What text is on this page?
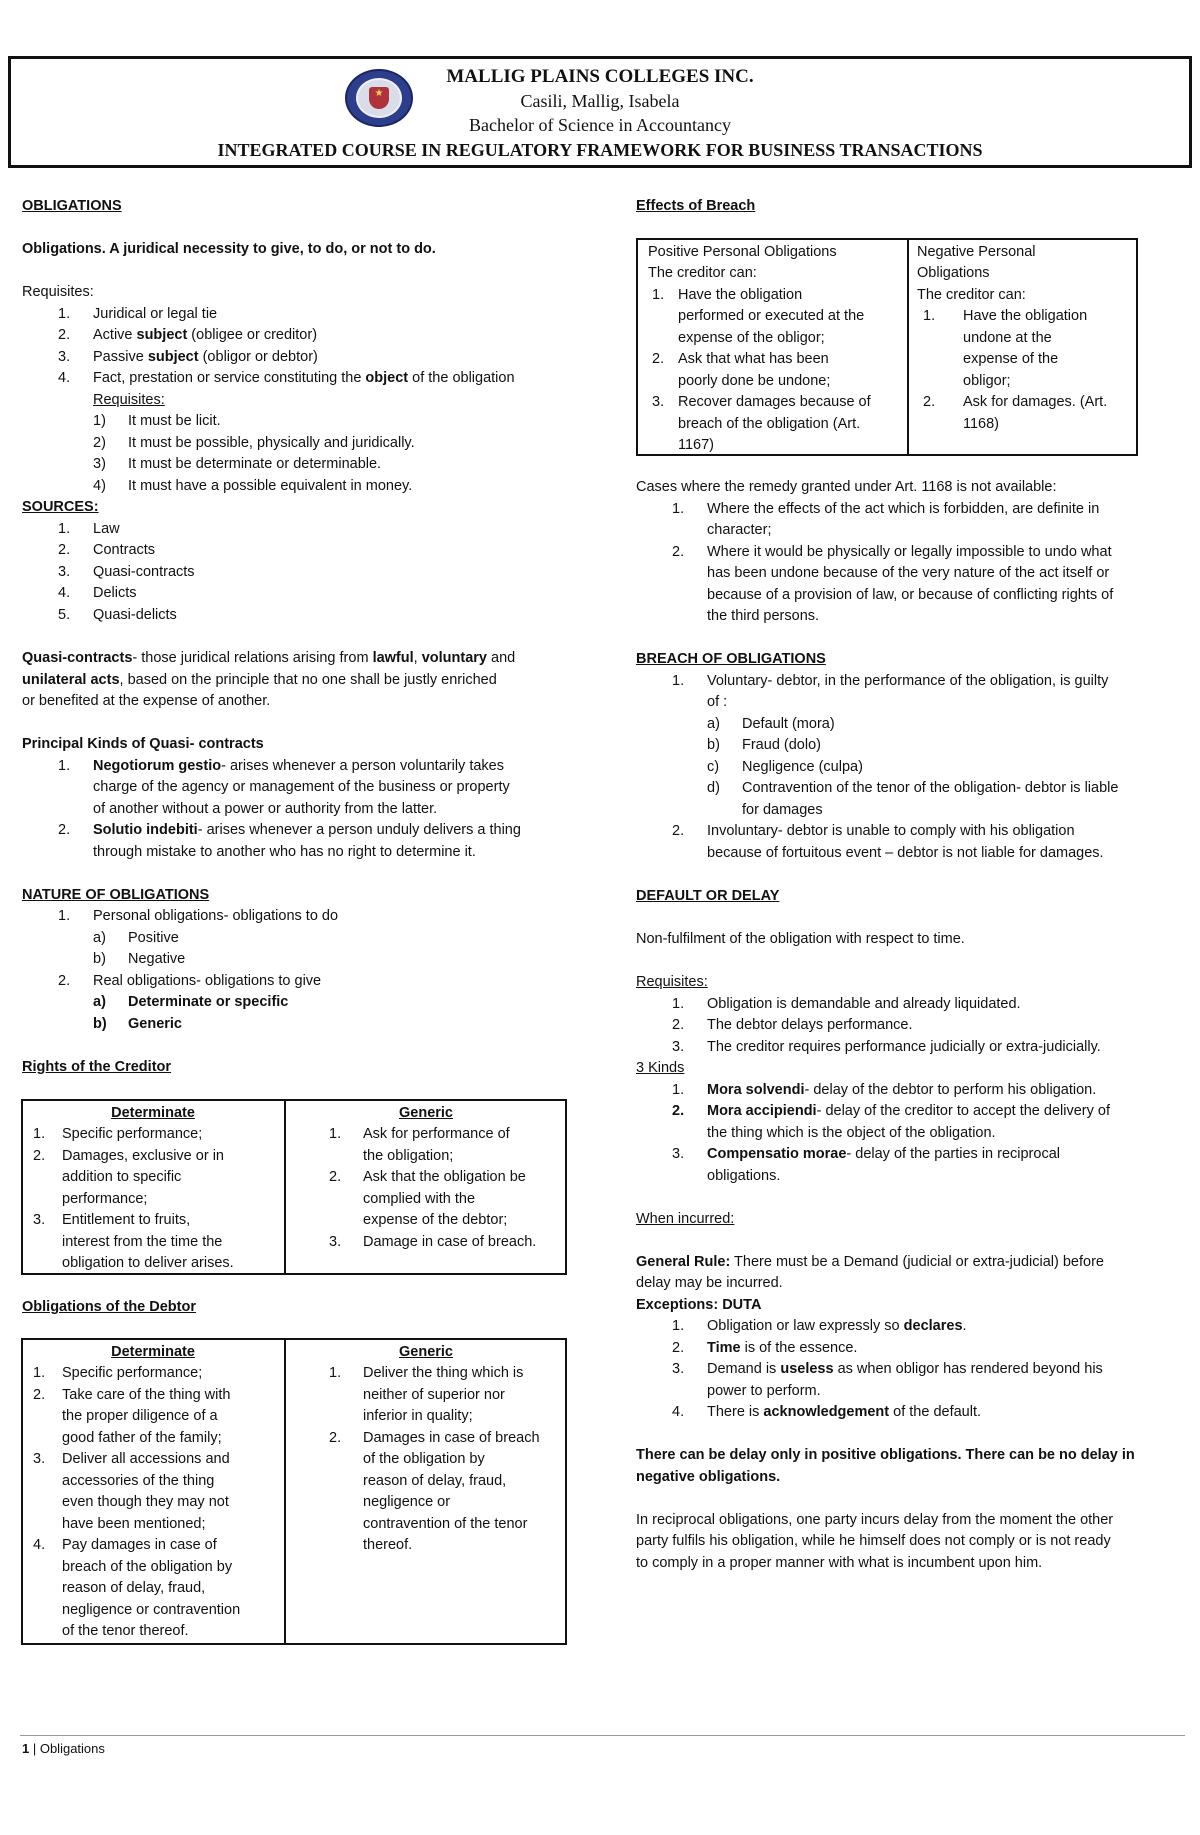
★
MALLIG PLAINS COLLEGES INC.
Casili, Mallig, Isabela
Bachelor of Science in Accountancy
INTEGRATED COURSE IN REGULATORY FRAMEWORK FOR BUSINESS TRANSACTIONS
OBLIGATIONS
Obligations. A juridical necessity to give, to do, or not to do.
Requisites:
1. Juridical or legal tie
2. Active subject (obligee or creditor)
3. Passive subject (obligor or debtor)
4. Fact, prestation or service constituting the object of the obligation
Requisites:
1) It must be licit.
2) It must be possible, physically and juridically.
3) It must be determinate or determinable.
4) It must have a possible equivalent in money.
SOURCES:
1. Law
2. Contracts
3. Quasi-contracts
4. Delicts
5. Quasi-delicts
Quasi-contracts- those juridical relations arising from lawful, voluntary and
unilateral acts, based on the principle that no one shall be justly enriched
or benefited at the expense of another.
Principal Kinds of Quasi- contracts
1. Negotiorum gestio- arises whenever a person voluntarily takes
charge of the agency or management of the business or property
of another without a power or authority from the latter.
2. Solutio indebiti- arises whenever a person unduly delivers a thing
through mistake to another who has no right to determine it.
NATURE OF OBLIGATIONS
1. Personal obligations- obligations to do
a) Positive
b) Negative
2. Real obligations- obligations to give
a) Determinate or specific
b) Generic
Rights of the Creditor
Determinate	Generic
1. Specific performance;
2. Damages, exclusive or in
addition to specific
performance;
3. Entitlement to fruits,
interest from the time the
obligation to deliver arises.
1. Ask for performance of
the obligation;
2. Ask that the obligation be
complied with the
expense of the debtor;
3. Damage in case of breach.
Obligations of the Debtor
Determinate	Generic
1. Specific performance;
2. Take care of the thing with
the proper diligence of a
good father of the family;
3. Deliver all accessions and
accessories of the thing
even though they may not
have been mentioned;
4. Pay damages in case of
breach of the obligation by
reason of delay, fraud,
negligence or contravention
of the tenor thereof.
1. Deliver the thing which is
neither of superior nor
inferior in quality;
2. Damages in case of breach
of the obligation by
reason of delay, fraud,
negligence or
contravention of the tenor
thereof.
Effects of Breach
Positive Personal Obligations
The creditor can:
1. Have the obligation
performed or executed at the
expense of the obligor;
2. Ask that what has been
poorly done be undone;
3. Recover damages because of
breach of the obligation (Art.
1167)
Negative Personal
Obligations
The creditor can:
1. Have the obligation
undone at the
expense of the
obligor;
2. Ask for damages. (Art.
1168)
Cases where the remedy granted under Art. 1168 is not available:
1. Where the effects of the act which is forbidden, are definite in
character;
2. Where it would be physically or legally impossible to undo what
has been undone because of the very nature of the act itself or
because of a provision of law, or because of conflicting rights of
the third persons.
BREACH OF OBLIGATIONS
1. Voluntary- debtor, in the performance of the obligation, is guilty
of :
a) Default (mora)
b) Fraud (dolo)
c) Negligence (culpa)
d) Contravention of the tenor of the obligation- debtor is liable
for damages
2. Involuntary- debtor is unable to comply with his obligation
because of fortuitous event – debtor is not liable for damages.
DEFAULT OR DELAY
Non-fulfilment of the obligation with respect to time.
Requisites:
1. Obligation is demandable and already liquidated.
2. The debtor delays performance.
3. The creditor requires performance judicially or extra-judicially.
3 Kinds
1. Mora solvendi- delay of the debtor to perform his obligation.
2. Mora accipiendi- delay of the creditor to accept the delivery of
the thing which is the object of the obligation.
3. Compensatio morae- delay of the parties in reciprocal
obligations.
When incurred:
General Rule: There must be a Demand (judicial or extra-judicial) before
delay may be incurred.
Exceptions: DUTA
1. Obligation or law expressly so declares.
2. Time is of the essence.
3. Demand is useless as when obligor has rendered beyond his
power to perform.
4. There is acknowledgement of the default.
There can be delay only in positive obligations. There can be no delay in
negative obligations.
In reciprocal obligations, one party incurs delay from the moment the other
party fulfils his obligation, while he himself does not comply or is not ready
to comply in a proper manner with what is incumbent upon him.
1 | Obligations
